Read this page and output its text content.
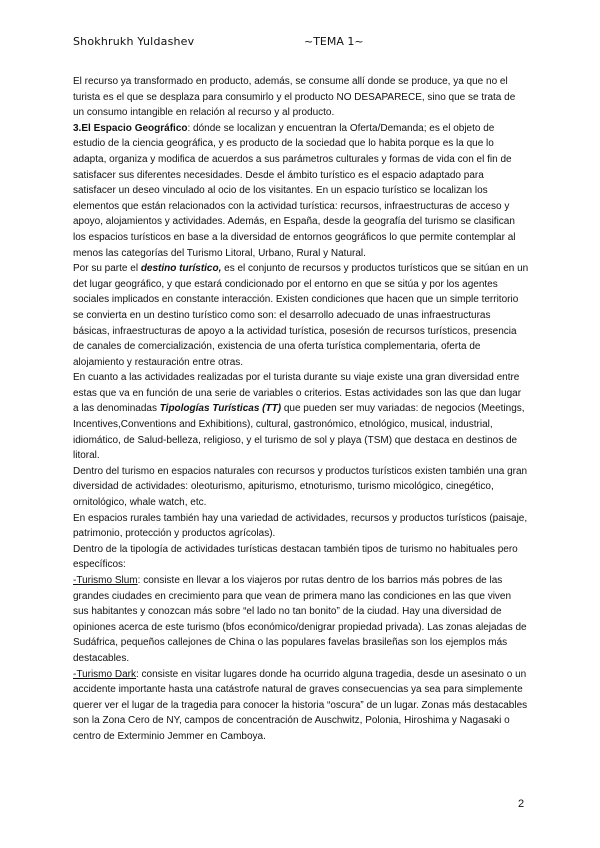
Shokhrukh Yuldashev	~TEMA 1~

El recurso ya transformado en producto, además, se consume allí donde se produce, ya que no el turista es el que se desplaza para consumirlo y el producto NO DESAPARECE, sino que se trata de un consumo intangible en relación al recurso y al producto.

3.El Espacio Geográfico: dónde se localizan y encuentran la Oferta/Demanda; es el objeto de estudio de la ciencia geográfica, y es producto de la sociedad que lo habita porque es la que lo adapta, organiza y modifica de acuerdos a sus parámetros culturales y formas de vida con el fin de satisfacer sus diferentes necesidades. Desde el ámbito turístico es el espacio adaptado para satisfacer un deseo vinculado al ocio de los visitantes. En un espacio turístico se localizan los elementos que están relacionados con la actividad turística: recursos, infraestructuras de acceso y apoyo, alojamientos y actividades. Además, en España, desde la geografía del turismo se clasifican los espacios turísticos en base a la diversidad de entornos geográficos lo que permite contemplar al menos las categorías del Turismo Litoral, Urbano, Rural y Natural.

Por su parte el destino turístico, es el conjunto de recursos y productos turísticos que se sitúan en un det lugar geográfico, y que estará condicionado por el entorno en que se sitúa y por los agentes sociales implicados en constante interacción. Existen condiciones que hacen que un simple territorio se convierta en un destino turístico como son: el desarrollo adecuado de unas infraestructuras básicas, infraestructuras de apoyo a la actividad turística, posesión de recursos turísticos, presencia de canales de comercialización, existencia de una oferta turística complementaria, oferta de alojamiento y restauración entre otras.

En cuanto a las actividades realizadas por el turista durante su viaje existe una gran diversidad entre estas que va en función de una serie de variables o criterios. Estas actividades son las que dan lugar a las denominadas Tipologías Turísticas (TT) que pueden ser muy variadas: de negocios (Meetings, Incentives,Conventions and Exhibitions), cultural, gastronómico, etnológico, musical, industrial, idiomático, de Salud-belleza, religioso, y el turismo de sol y playa (TSM) que destaca en destinos de litoral.

Dentro del turismo en espacios naturales con recursos y productos turísticos existen también una gran diversidad de actividades: oleoturismo, apiturismo, etnoturismo, turismo micológico, cinegético, ornitológico, whale watch, etc.

En espacios rurales también hay una variedad de actividades, recursos y productos turísticos (paisaje, patrimonio, protección y productos agrícolas).

Dentro de la tipología de actividades turísticas destacan también tipos de turismo no habituales pero específicos:

-Turismo Slum: consiste en llevar a los viajeros por rutas dentro de los barrios más pobres de las grandes ciudades en crecimiento para que vean de primera mano las condiciones en las que viven sus habitantes y conozcan más sobre “el lado no tan bonito” de la ciudad. Hay una diversidad de opiniones acerca de este turismo (bfos económico/denigrar propiedad privada). Las zonas alejadas de Sudáfrica, pequeños callejones de China o las populares favelas brasileñas son los ejemplos más destacables.

-Turismo Dark: consiste en visitar lugares donde ha ocurrido alguna tragedia, desde un asesinato o un accidente importante hasta una catástrofe natural de graves consecuencias ya sea para simplemente querer ver el lugar de la tragedia para conocer la historia “oscura” de un lugar. Zonas más destacables son la Zona Cero de NY, campos de concentración de Auschwitz, Polonia, Hiroshima y Nagasaki o centro de Exterminio Jemmer en Camboya.

2
